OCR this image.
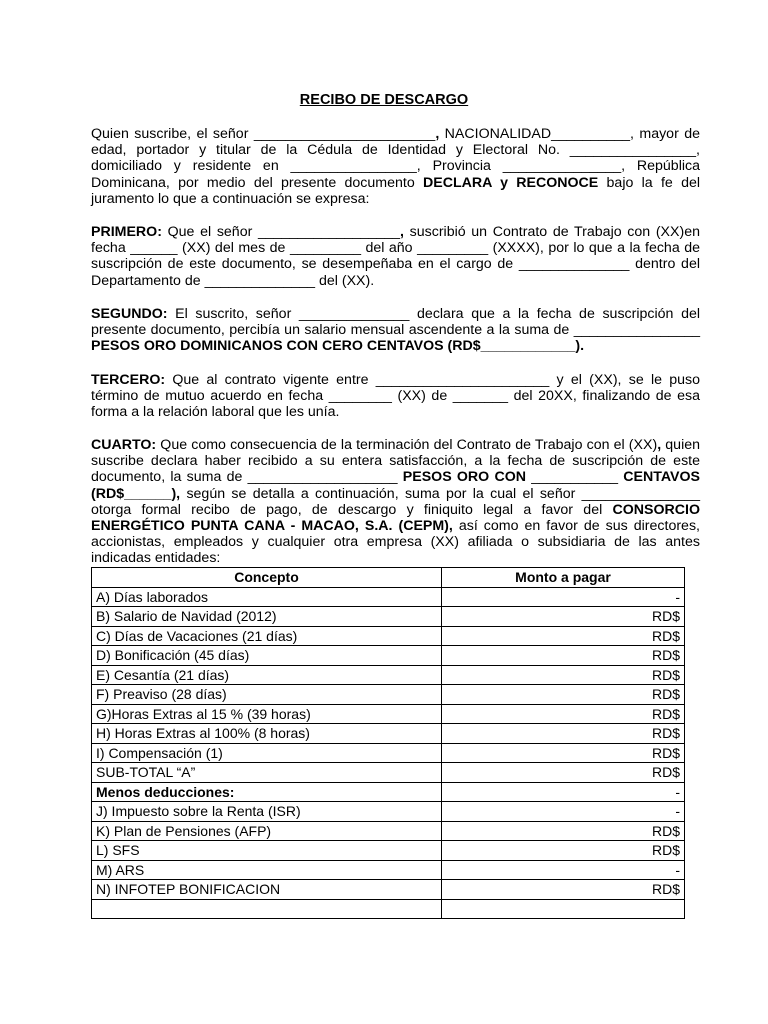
RECIBO DE DESCARGO
Quien suscribe, el señor _______________________, NACIONALIDAD__________, mayor de edad, portador y titular de la Cédula de Identidad y Electoral No. ________________, domiciliado y residente en ________________, Provincia _______________, República Dominicana, por medio del presente documento DECLARA y RECONOCE bajo la fe del juramento lo que a continuación se expresa:
PRIMERO: Que el señor __________________, suscribió un Contrato de Trabajo con (XX)en fecha ______ (XX) del mes de _________ del año _________ (XXXX), por lo que a la fecha de suscripción de este documento, se desempeñaba en el cargo de ______________ dentro del Departamento de ______________ del (XX).
SEGUNDO: El suscrito, señor ______________ declara que a la fecha de suscripción del presente documento, percibía un salario mensual ascendente a la suma de ________________ PESOS ORO DOMINICANOS CON CERO CENTAVOS (RD$____________).
TERCERO: Que al contrato vigente entre ______________________ y el (XX), se le puso término de mutuo acuerdo en fecha ________ (XX) de _______ del 20XX, finalizando de esa forma a la relación laboral que les unía.
CUARTO: Que como consecuencia de la terminación del Contrato de Trabajo con el (XX), quien suscribe declara haber recibido a su entera satisfacción, a la fecha de suscripción de este documento, la suma de ___________________ PESOS ORO CON ___________ CENTAVOS (RD$______), según se detalla a continuación, suma por la cual el señor _______________ otorga formal recibo de pago, de descargo y finiquito legal a favor del CONSORCIO ENERGÉTICO PUNTA CANA - MACAO, S.A. (CEPM), así como en favor de sus directores, accionistas, empleados y cualquier otra empresa (XX) afiliada o subsidiaria de las antes indicadas entidades:
Concepto	Monto a pagar
A) Días laborados	-
B) Salario de Navidad (2012)	RD$
C) Días de Vacaciones (21 días)	RD$
D) Bonificación (45 días)	RD$
E) Cesantía (21 días)	RD$
F) Preaviso (28 días)	RD$
G)Horas Extras al 15 % (39 horas)	RD$
H) Horas Extras al 100% (8 horas)	RD$
I) Compensación (1)	RD$
SUB-TOTAL “A”	RD$
Menos deducciones:	-
J) Impuesto sobre la Renta (ISR)	-
K) Plan de Pensiones (AFP)	RD$
L) SFS	RD$
M) ARS	-
N) INFOTEP BONIFICACION	RD$
